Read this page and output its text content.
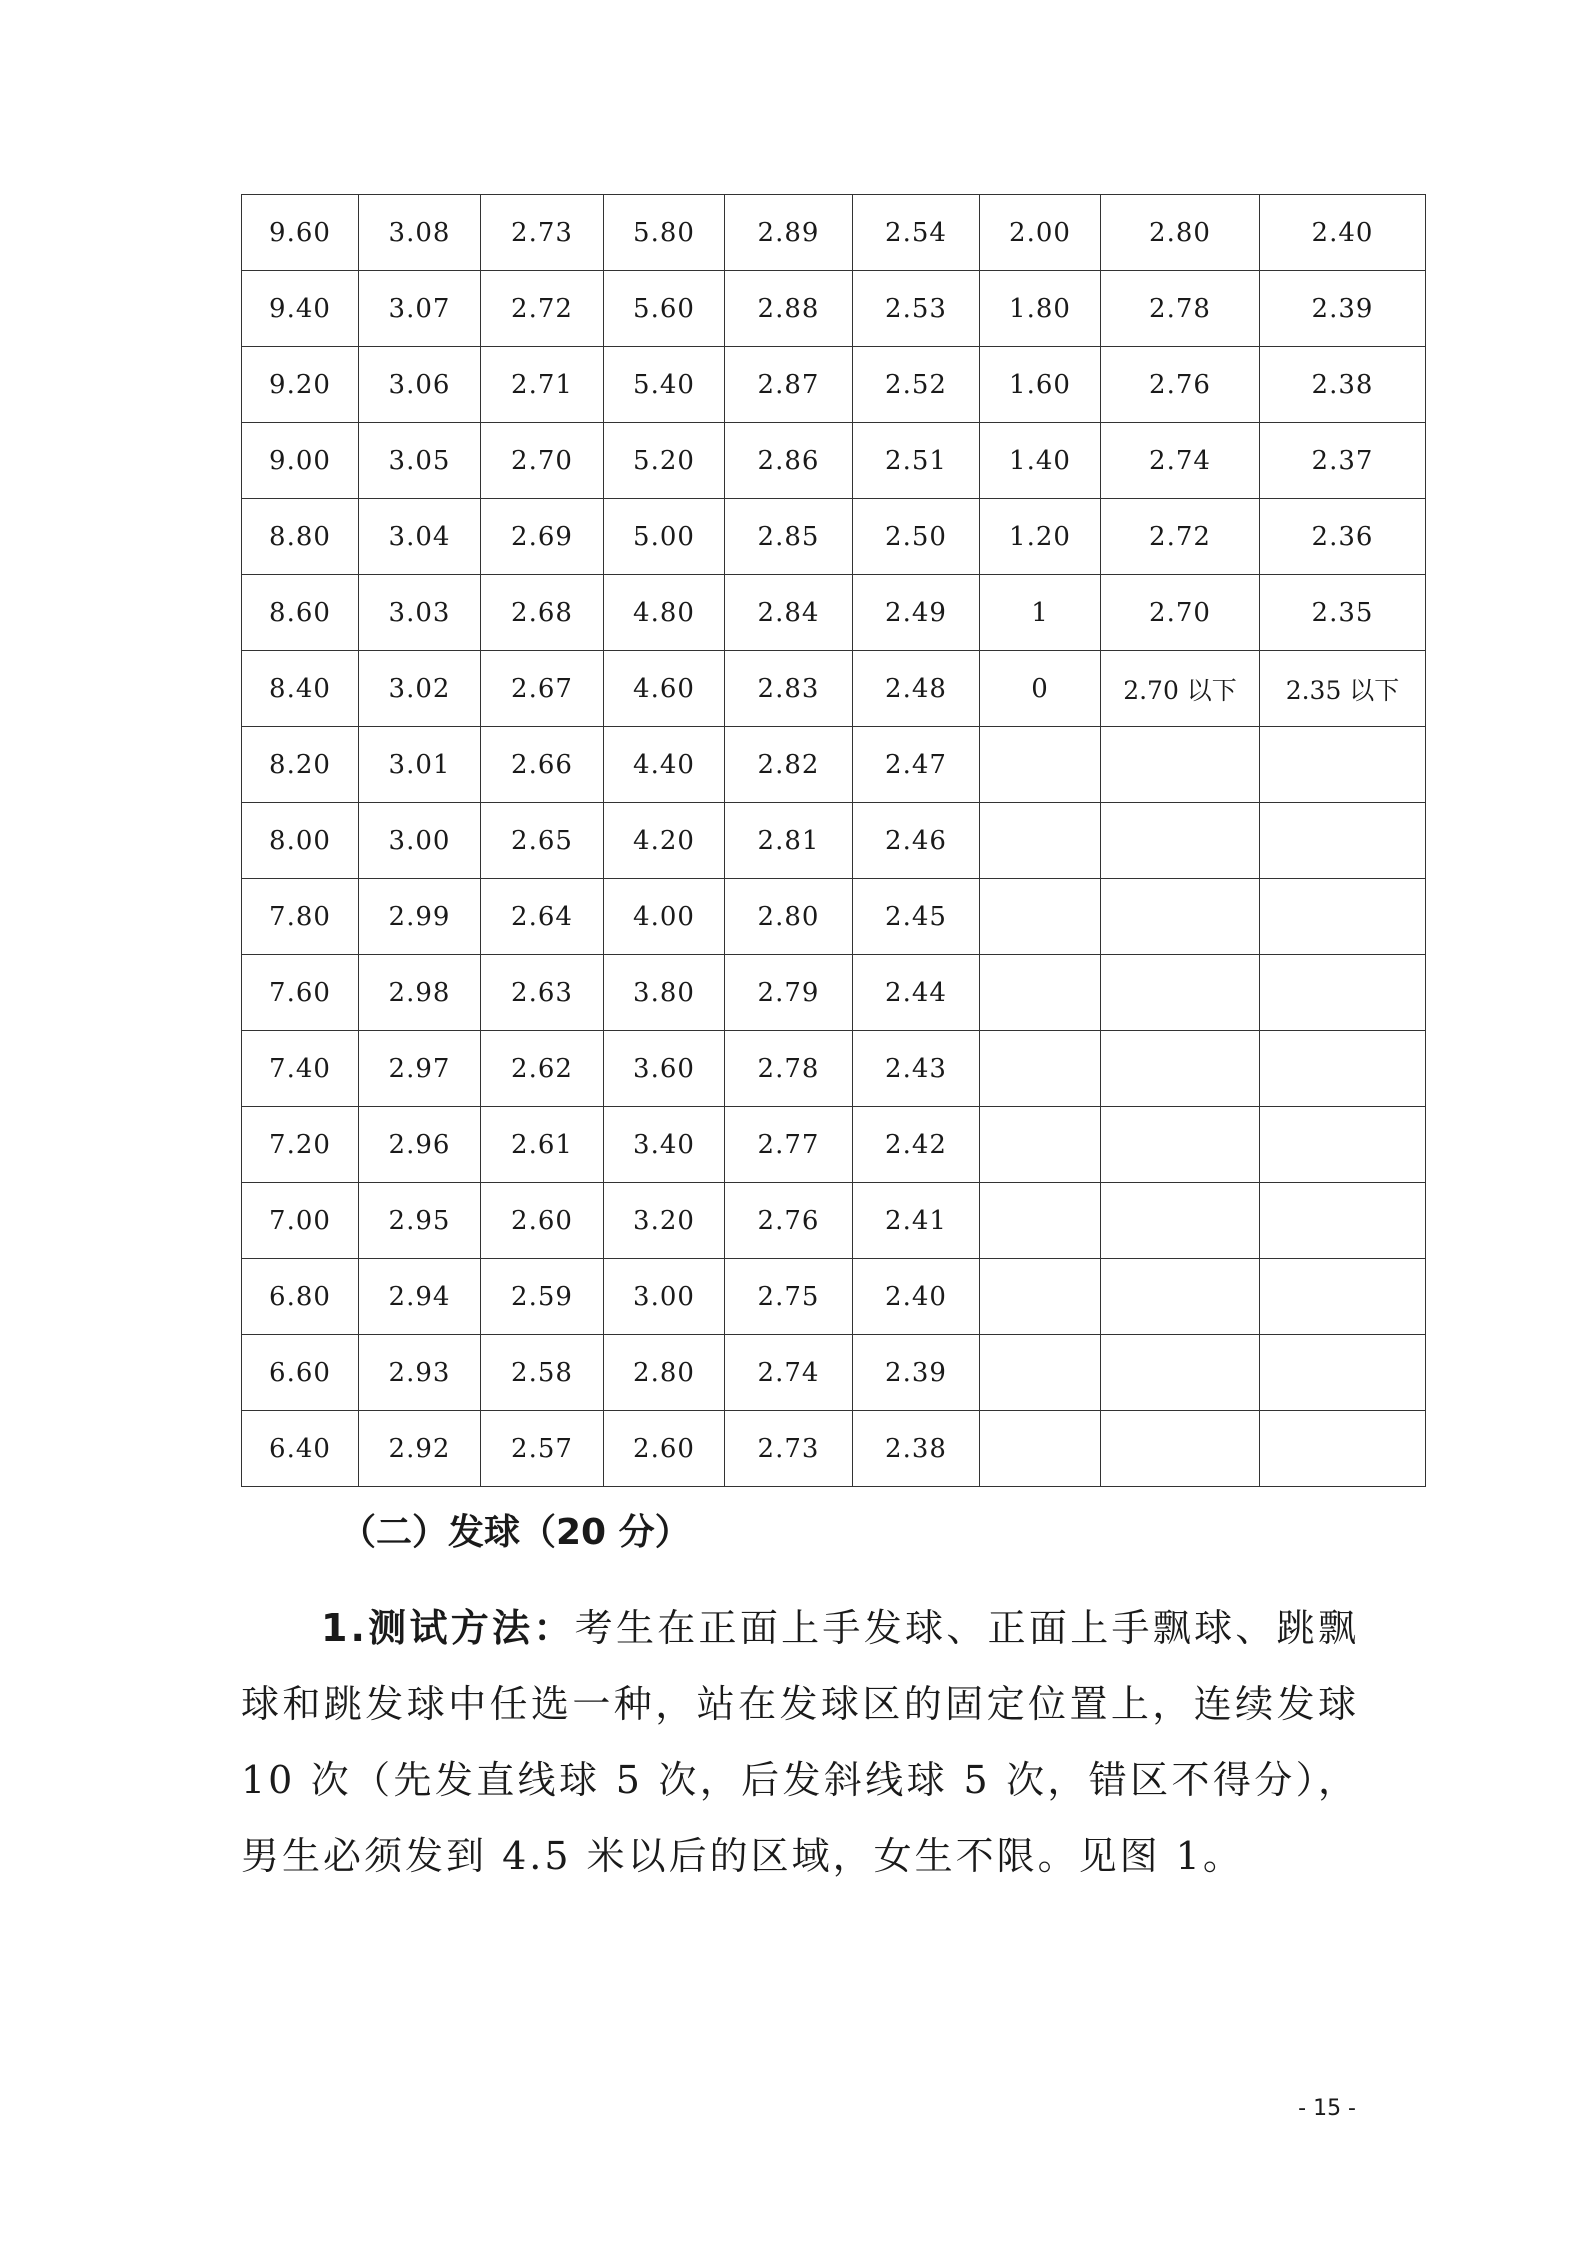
9.60	3.08	2.73	5.80	2.89	2.54	2.00	2.80	2.40
9.40	3.07	2.72	5.60	2.88	2.53	1.80	2.78	2.39
9.20	3.06	2.71	5.40	2.87	2.52	1.60	2.76	2.38
9.00	3.05	2.70	5.20	2.86	2.51	1.40	2.74	2.37
8.80	3.04	2.69	5.00	2.85	2.50	1.20	2.72	2.36
8.60	3.03	2.68	4.80	2.84	2.49	1	2.70	2.35
8.40	3.02	2.67	4.60	2.83	2.48	0	2.70 以下	2.35 以下
8.20	3.01	2.66	4.40	2.82	2.47			
8.00	3.00	2.65	4.20	2.81	2.46			
7.80	2.99	2.64	4.00	2.80	2.45			
7.60	2.98	2.63	3.80	2.79	2.44			
7.40	2.97	2.62	3.60	2.78	2.43			
7.20	2.96	2.61	3.40	2.77	2.42			
7.00	2.95	2.60	3.20	2.76	2.41			
6.80	2.94	2.59	3.00	2.75	2.40			
6.60	2.93	2.58	2.80	2.74	2.39			
6.40	2.92	2.57	2.60	2.73	2.38			
（二）发球（20 分）

1.测试方法：考生在正面上手发球、正面上手飘球、跳飘球和跳发球中任选一种，站在发球区的固定位置上，连续发球 10 次（先发直线球 5 次，后发斜线球 5 次，错区不得分），男生必须发到 4.5 米以后的区域，女生不限。见图 1。

- 15 -
